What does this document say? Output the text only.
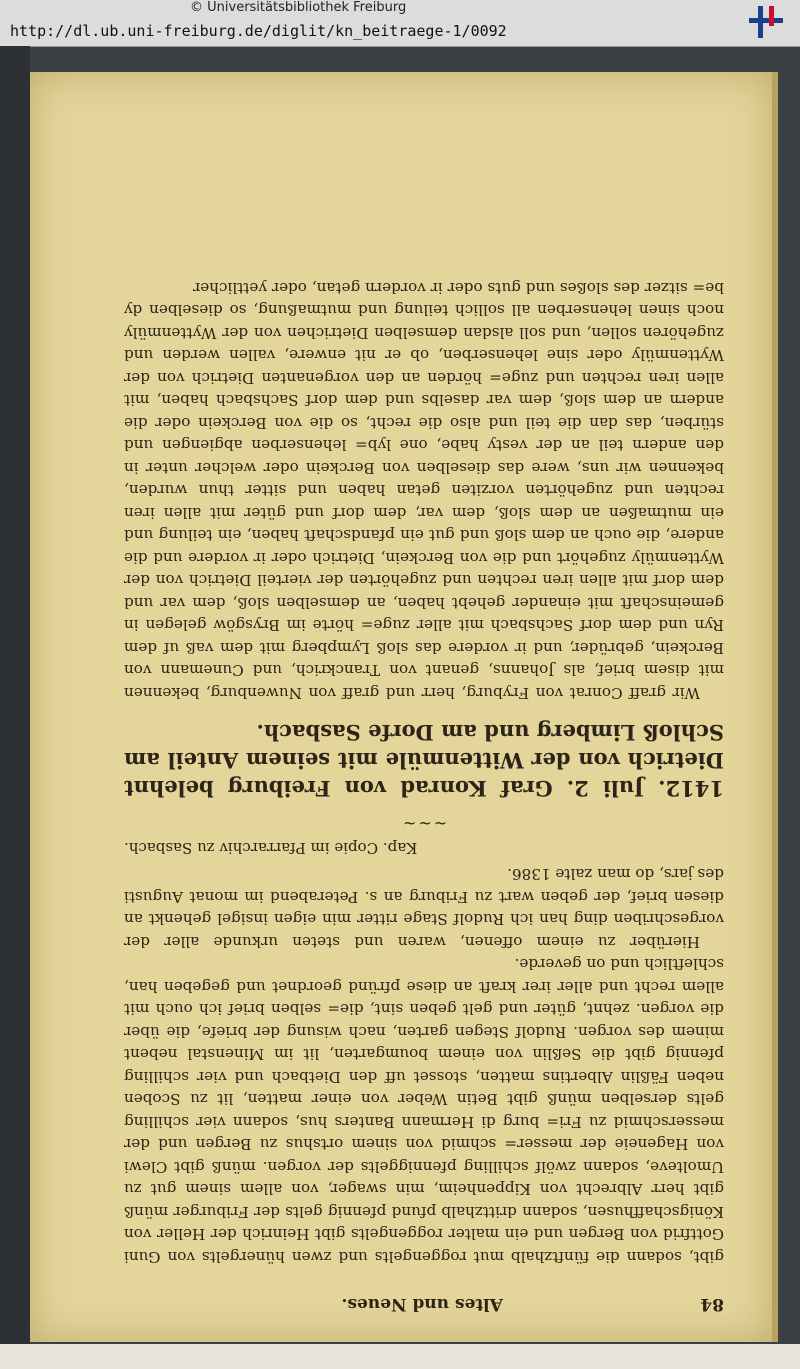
© Universitätsbibliothek Freiburg
http://dl.ub.uni-freiburg.de/diglit/kn_beitraege-1/0092
84
Altes und Neues.

gibt, sodann die fünftzhalb mut roggengelts und zwen hünergelts von Guni Gottfrid von Bergen und ein malter roggengelts gibt Heinrich der Heller von Königschaffhusen, sodann drittzhalb pfund pfennig gelts der Friburger münß gibt herr Albrecht von Kippenheim, min swager, von allem sinem gut zu Umolteve, sodann zwölf schilling pfenniggelts der vorgen. münß gibt Clewi von Hageneie der messer= schmid von sinem ortshus zu Bergen und der messerschmid zu Fri= burg di Hermann Banters hus, sodann vier schilling gelts derselben münß gibt Betin Weber von einer matten, lit zu Scoben neben Fäßlin Albertins matten, stosset uff den Dietbach und vier schilling pfennig gibt die Seßlin von einem boumgarten, lit im Minenstal nebent minem des vorgen. Rudolf Stegen garten, nach wisung der briefe, die über die vorgen. zehnt, güter und gelt geben sint, die= selben brief ich ouch mit allem recht und aller irer kraft an diese pfründ geordnet und gegeben han, schleftlich und on geverde.

Hierüber zu einem offenen, waren und steten urkunde aller der vorgeschriben ding han ich Rudolf Stage ritter min eigen insigel gehenkt an diesen brief, der geben wart zu Friburg an s. Peterabend im monat Augusti des jars, do man zalte 1386.

Kap. Copie im Pfarrarchiv zu Sasbach.
~~~

1412. Juli 2. Graf Konrad von Freiburg belehnt Dietrich von der Wittenmüle mit seinem Anteil am Schloß Limberg und am Dorfe Sasbach.

Wir graff Conrat von Fryburg, herr und graff von Nuwenburg, bekennen mit disem brief, als Johanns, genant von Tranckrich, und Cunemann von Berckein, gebrüder, und ir vordere das sloß Lympberg mit dem vaß uf dem Ryn und dem dorf Sachsbach mit aller zuge= hörte im Brysgöw gelegen in gemeinschaft mit einander gehebt haben, an demselben sloß, dem var und dem dorf mit allen iren rechten und zugehörten der vierteil Dietrich von der Wyttenmüly zugehört und die von Berckein, Dietrich oder ir vordere und die andere, die ouch an dem sloß und gut ein pfandschaft haben, ein teilung und ein mutmaßen an dem sloß, dem var, dem dorf und güter mit allen iren rechten und zugehörten vorziten getan haben und sitter thun wurden, bekennen wir uns, were das dieselben von Berckein oder welcher unter in den andern teil an der vesty habe, one lyb= lehenserben abgiengen und stürben, das dan die teil und also die recht, so die von Berckein oder die andern an dem sloß, dem var daselbs und dem dorf Sachsbach haben, mit allen iren rechten und zuge= hörden an den vorgenanten Dietrich von der Wyttenmüly oder sine lehenserben, ob er nit enwere, vallen werden und zugehören sollen, und soll alsdan demselben Dietrichen von der Wyttenmüly noch sinen lehenserben all sollich teilung und mutmaßung, so dieselben dy be= sitzer des sloßes und guts oder ir vordern getan, oder yettlicher
